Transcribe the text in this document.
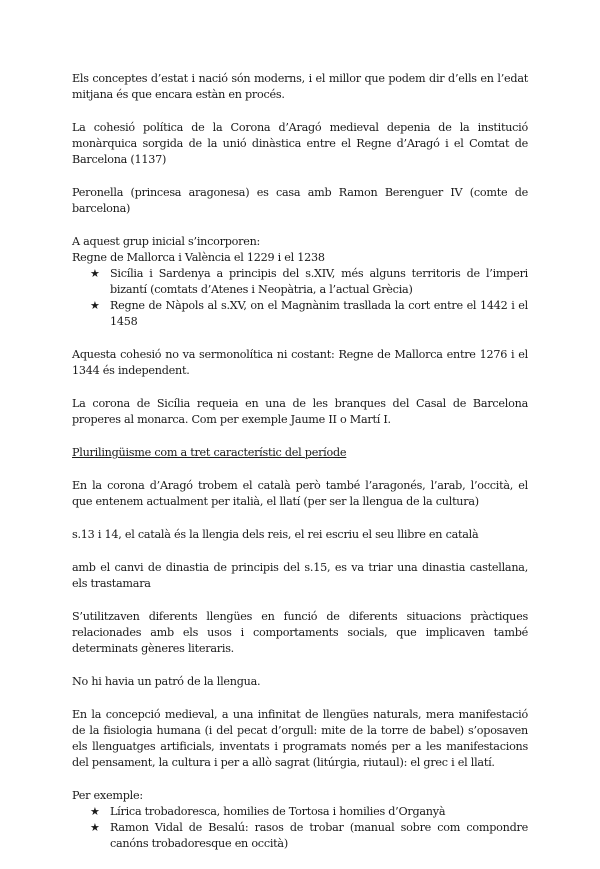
Els conceptes d’estat i nació són moderns, i el millor que podem dir d’ells en l’edat mitjana és que encara estàn en procés.

La cohesió política de la Corona d’Aragó medieval depenia de la institució monàrquica sorgida de la unió dinàstica entre el Regne d’Aragó i el Comtat de Barcelona (1137)

Peronella (princesa aragonesa) es casa amb Ramon Berenguer IV (comte de barcelona)

A aquest grup inicial s’incorporen:

Regne de Mallorca i València el 1229 i el 1238

★ Sicília i Sardenya a principis del s.XIV, més alguns territoris de l’imperi bizantí (comtats d’Atenes i Neopàtria, a l’actual Grècia)
★ Regne de Nàpols al s.XV, on el Magnànim trasllada la cort entre el 1442 i el 1458

Aquesta cohesió no va sermonolítica ni costant: Regne de Mallorca entre 1276 i el 1344 és independent.

La corona de Sicília requeia en una de les branques del Casal de Barcelona properes al monarca. Com per exemple Jaume II o Martí I.

Plurilingüisme com a tret característic del període

En la corona d’Aragó trobem el català però també l’aragonés, l’arab, l’occità, el que entenem actualment per italià, el llatí (per ser la llengua de la cultura)

s.13 i 14, el català és la llengia dels reis, el rei escriu el seu llibre en català

amb el canvi de dinastia de principis del s.15, es va triar una dinastia castellana, els trastamara

S’utilitzaven diferents llengües en funció de diferents situacions pràctiques relacionades amb els usos i comportaments socials, que implicaven també determinats gèneres literaris.

No hi havia un patró de la llengua.

En la concepció medieval, a una infinitat de llengües naturals, mera manifestació de la fisiologia humana (i del pecat d’orgull: mite de la torre de babel) s’oposaven els llenguatges artificials, inventats i programats només per a les manifestacions del pensament, la cultura i per a allò sagrat (litúrgia, riutaul): el grec i el llatí.

Per exemple:

★ Lírica trobadoresca, homilies de Tortosa i homilies d’Organyà
★ Ramon Vidal de Besalú: rasos de trobar (manual sobre com compondre canóns trobadoresque en occità)
